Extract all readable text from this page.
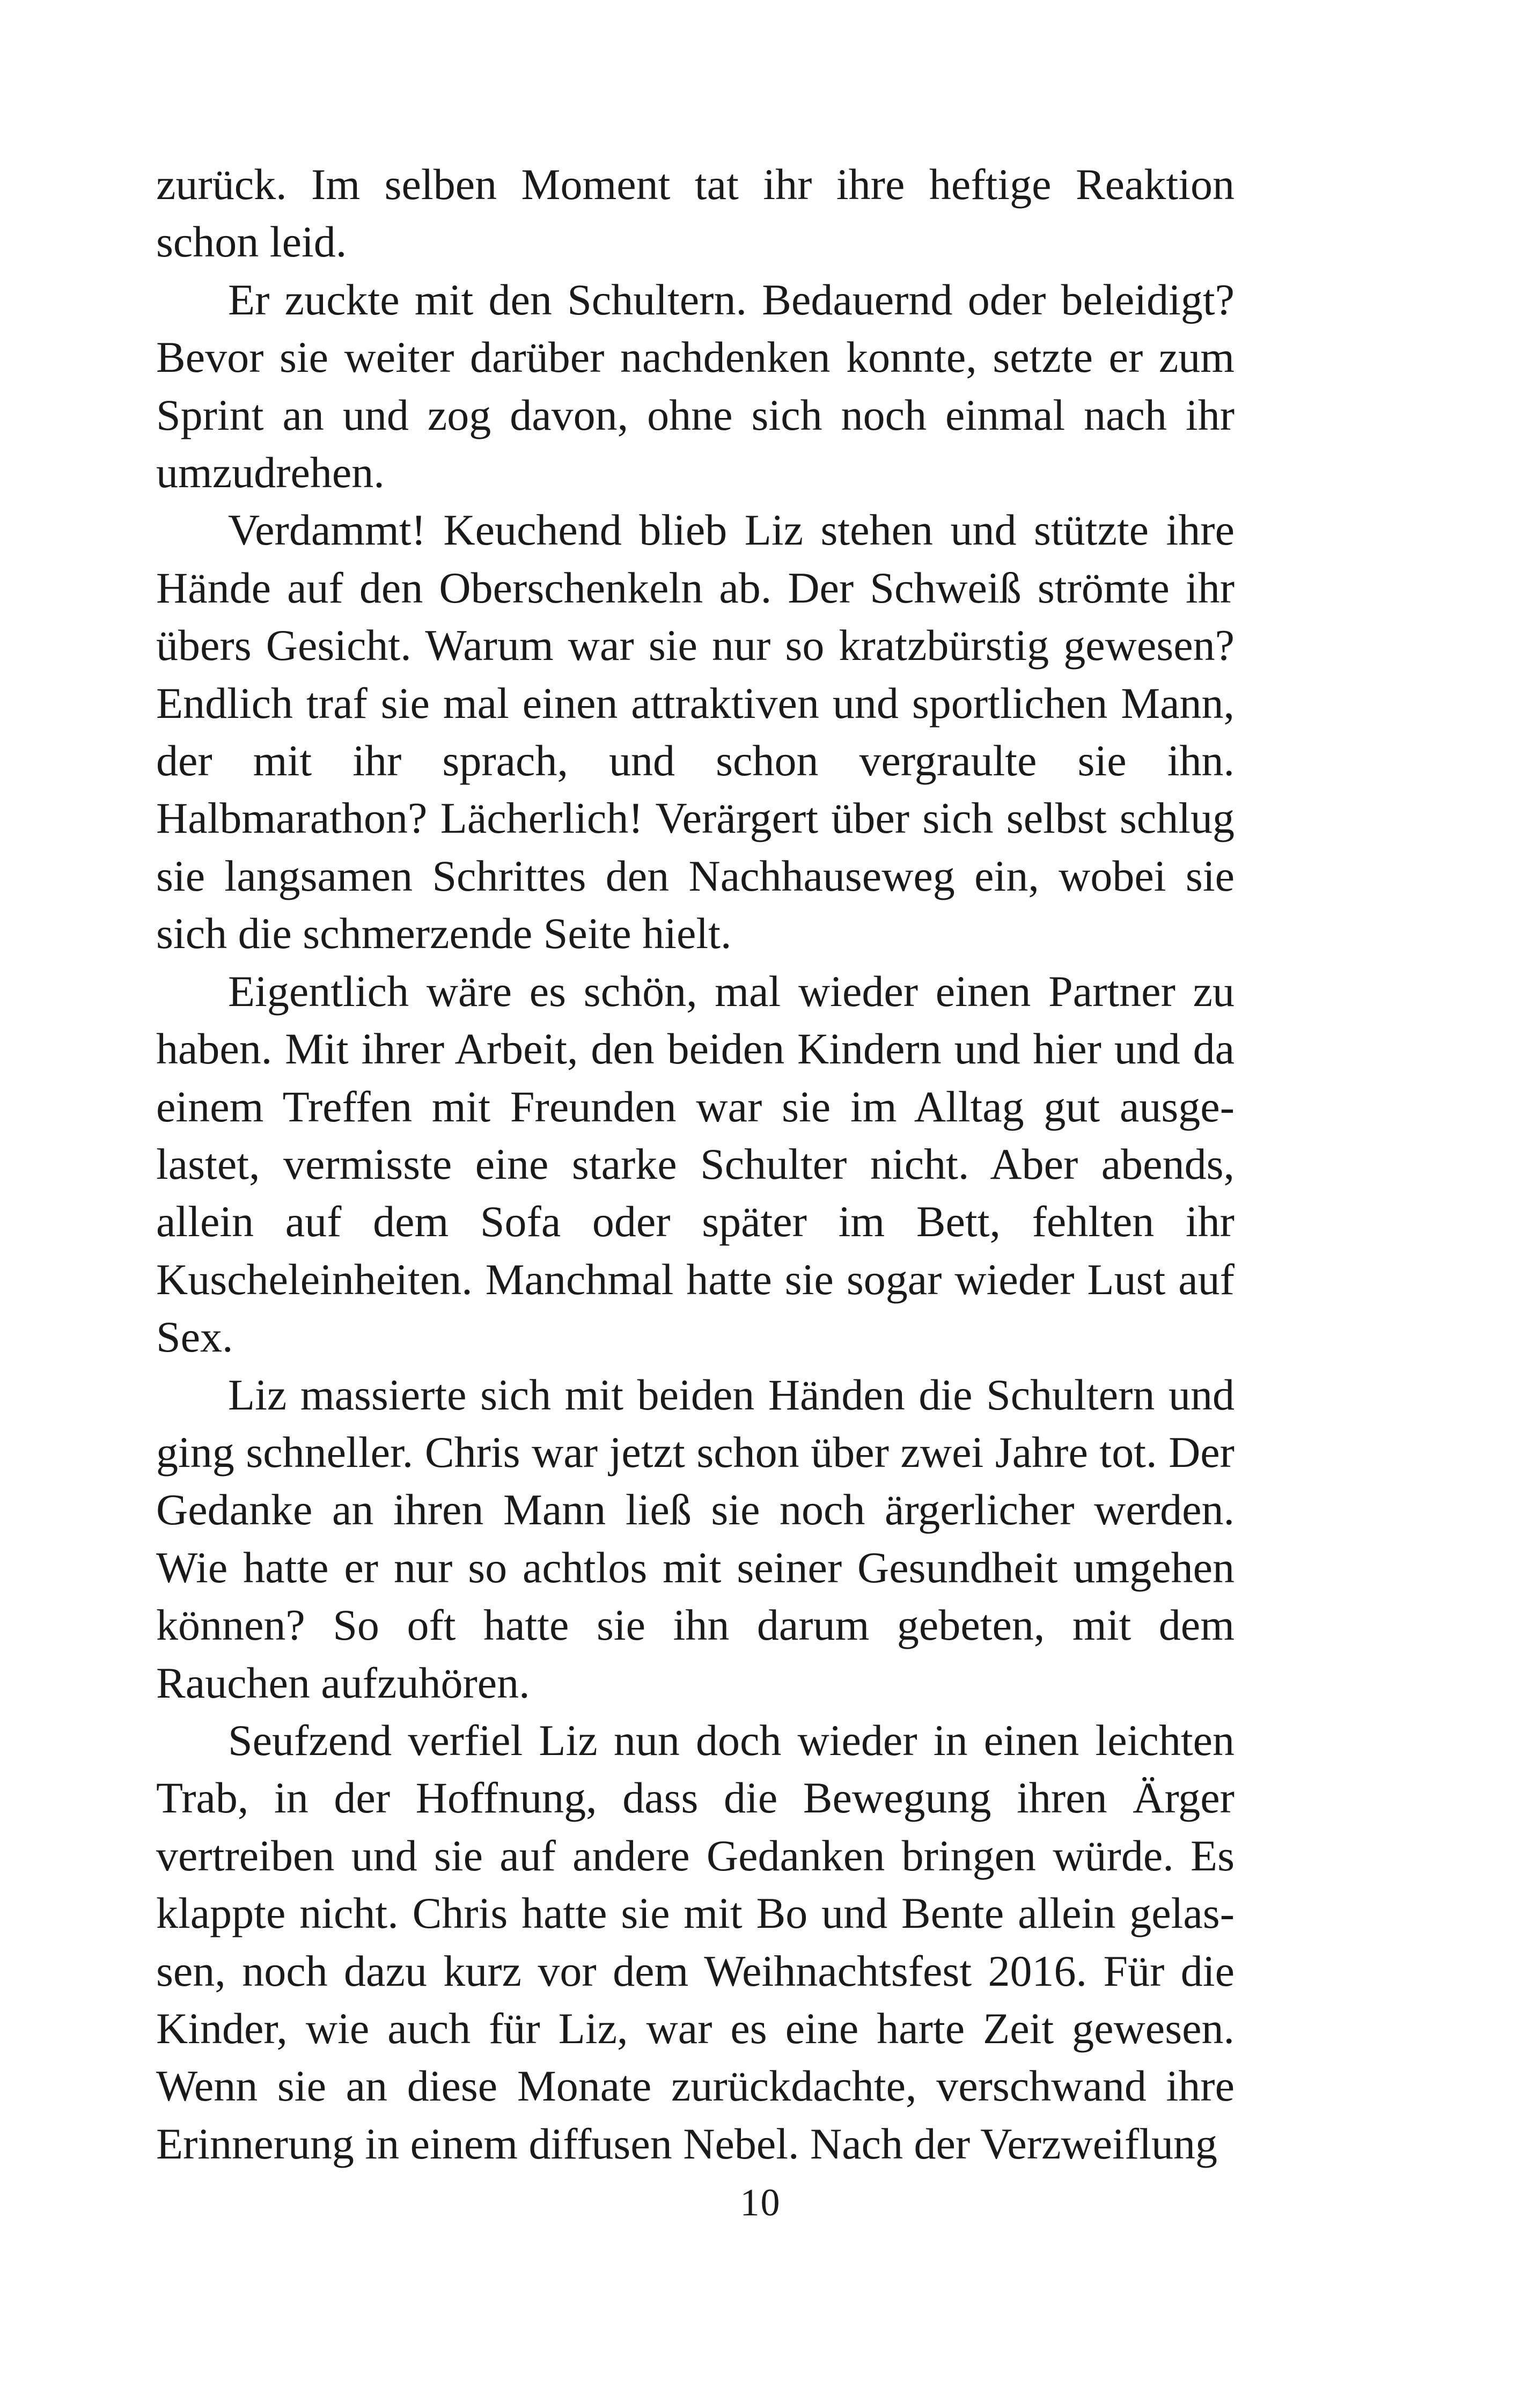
zurück. Im selben Moment tat ihr ihre heftige Reaktion schon leid.

Er zuckte mit den Schultern. Bedauernd oder beleidigt? Bevor sie weiter darüber nachdenken konnte, setzte er zum Sprint an und zog davon, ohne sich noch einmal nach ihr umzudrehen.

Verdammt! Keuchend blieb Liz stehen und stützte ihre Hände auf den Oberschenkeln ab. Der Schweiß strömte ihr übers Gesicht. Warum war sie nur so kratzbürstig gewesen? Endlich traf sie mal einen attraktiven und sportlichen Mann, der mit ihr sprach, und schon vergraulte sie ihn. Halbmarathon? Lächerlich! Verärgert über sich selbst schlug sie langsamen Schrittes den Nachhauseweg ein, wobei sie sich die schmerzende Seite hielt.

Eigentlich wäre es schön, mal wieder einen Partner zu haben. Mit ihrer Arbeit, den beiden Kindern und hier und da einem Treffen mit Freunden war sie im Alltag gut ausgelastet, vermisste eine starke Schulter nicht. Aber abends, allein auf dem Sofa oder später im Bett, fehlten ihr Kuscheleinheiten. Manchmal hatte sie sogar wieder Lust auf Sex.

Liz massierte sich mit beiden Händen die Schultern und ging schneller. Chris war jetzt schon über zwei Jahre tot. Der Gedanke an ihren Mann ließ sie noch ärgerlicher werden. Wie hatte er nur so achtlos mit seiner Gesundheit umgehen können? So oft hatte sie ihn darum gebeten, mit dem Rauchen aufzuhören.

Seufzend verfiel Liz nun doch wieder in einen leichten Trab, in der Hoffnung, dass die Bewegung ihren Ärger vertreiben und sie auf andere Gedanken bringen würde. Es klappte nicht. Chris hatte sie mit Bo und Bente allein gelassen, noch dazu kurz vor dem Weihnachtsfest 2016. Für die Kinder, wie auch für Liz, war es eine harte Zeit gewesen. Wenn sie an diese Monate zurückdachte, verschwand ihre Erinnerung in einem diffusen Nebel. Nach der Verzweiflung

10
